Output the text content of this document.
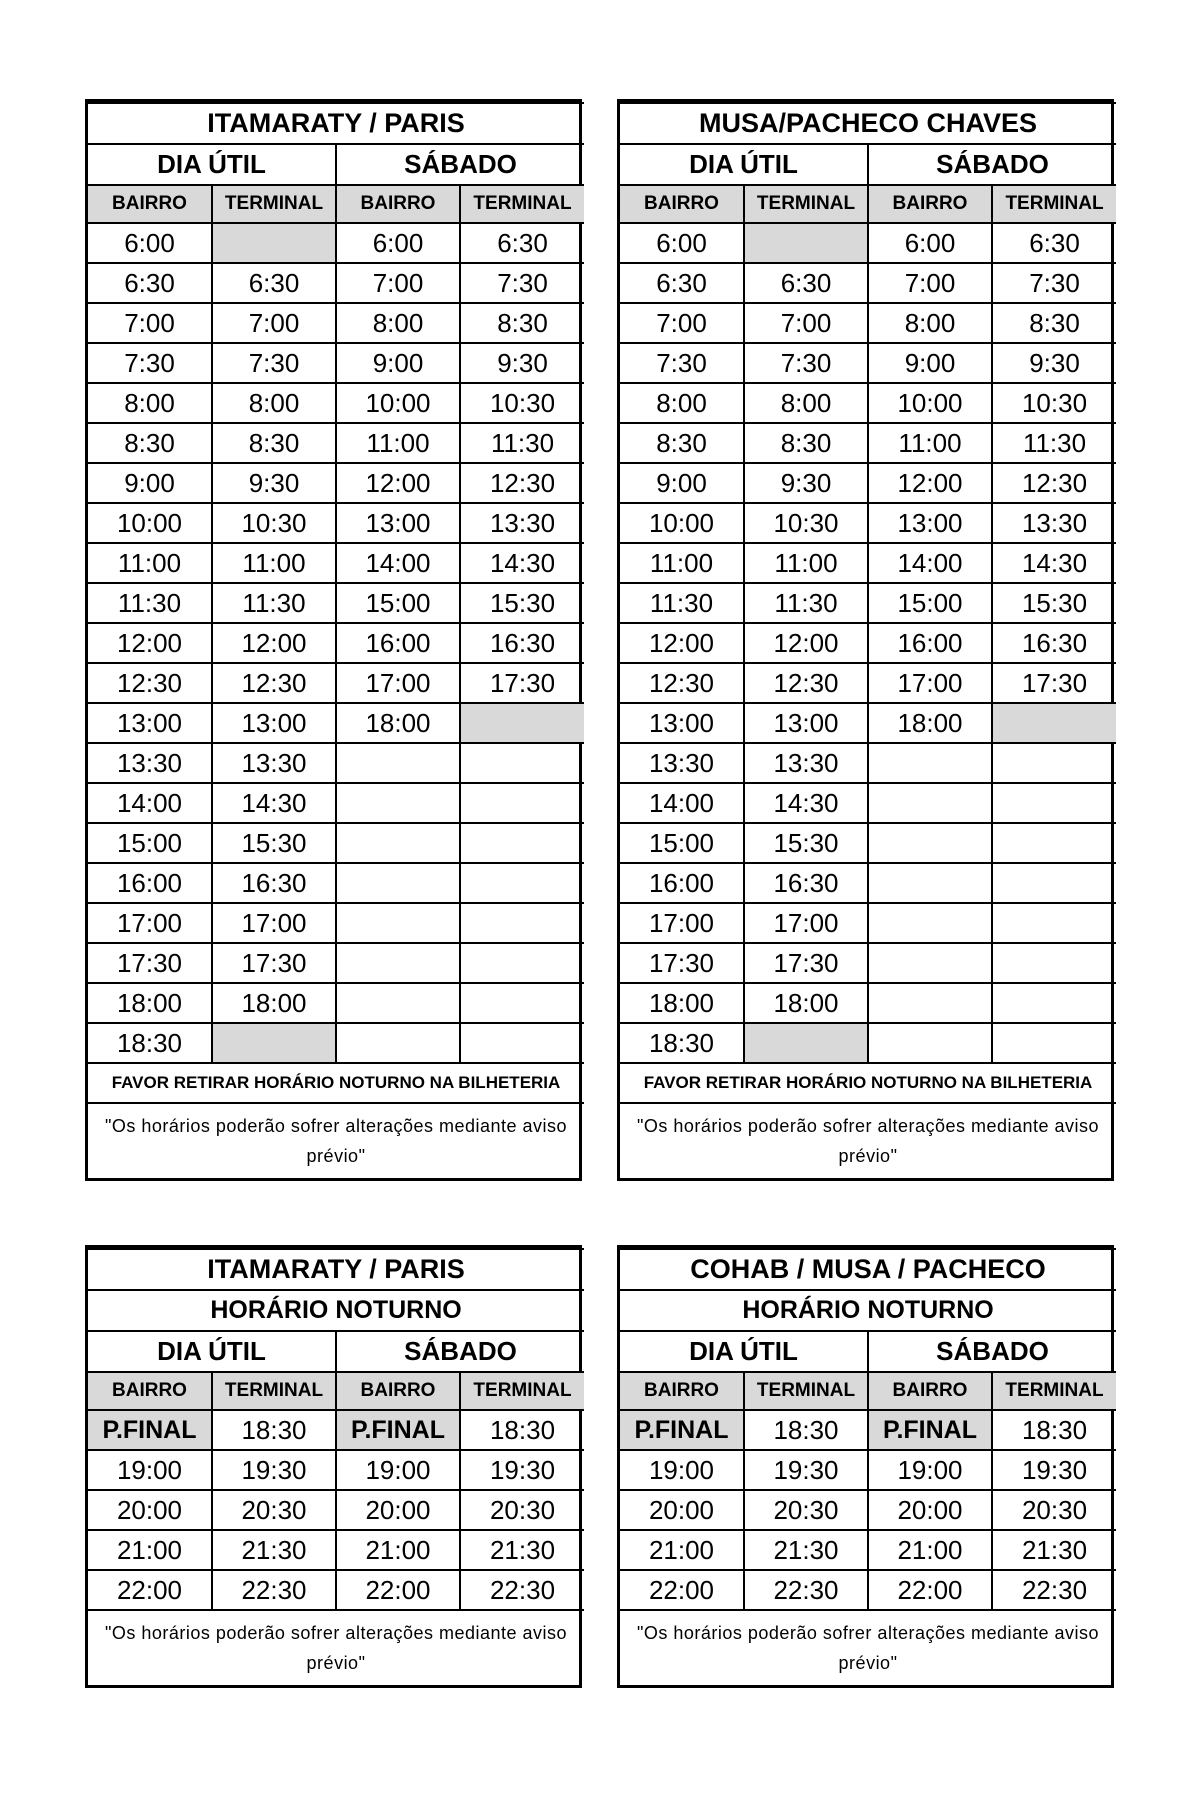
ITAMARATY / PARIS			
DIA ÚTIL		SÁBADO	
BAIRRO	TERMINAL	BAIRRO	TERMINAL
6:00		6:00	6:30
6:30	6:30	7:00	7:30
7:00	7:00	8:00	8:30
7:30	7:30	9:00	9:30
8:00	8:00	10:00	10:30
8:30	8:30	11:00	11:30
9:00	9:30	12:00	12:30
10:00	10:30	13:00	13:30
11:00	11:00	14:00	14:30
11:30	11:30	15:00	15:30
12:00	12:00	16:00	16:30
12:30	12:30	17:00	17:30
13:00	13:00	18:00	
13:30	13:30		
14:00	14:30		
15:00	15:30		
16:00	16:30		
17:00	17:00		
17:30	17:30		
18:00	18:00		
18:30			
FAVOR RETIRAR HORÁRIO NOTURNO NA BILHETERIA			
"Os horários poderão sofrer alterações mediante aviso prévio"			
MUSA/PACHECO CHAVES			
DIA ÚTIL		SÁBADO	
BAIRRO	TERMINAL	BAIRRO	TERMINAL
6:00		6:00	6:30
6:30	6:30	7:00	7:30
7:00	7:00	8:00	8:30
7:30	7:30	9:00	9:30
8:00	8:00	10:00	10:30
8:30	8:30	11:00	11:30
9:00	9:30	12:00	12:30
10:00	10:30	13:00	13:30
11:00	11:00	14:00	14:30
11:30	11:30	15:00	15:30
12:00	12:00	16:00	16:30
12:30	12:30	17:00	17:30
13:00	13:00	18:00	
13:30	13:30		
14:00	14:30		
15:00	15:30		
16:00	16:30		
17:00	17:00		
17:30	17:30		
18:00	18:00		
18:30			
FAVOR RETIRAR HORÁRIO NOTURNO NA BILHETERIA			
"Os horários poderão sofrer alterações mediante aviso prévio"			
ITAMARATY / PARIS			
HORÁRIO NOTURNO			
DIA ÚTIL		SÁBADO	
BAIRRO	TERMINAL	BAIRRO	TERMINAL
P.FINAL	18:30	P.FINAL	18:30
19:00	19:30	19:00	19:30
20:00	20:30	20:00	20:30
21:00	21:30	21:00	21:30
22:00	22:30	22:00	22:30
"Os horários poderão sofrer alterações mediante aviso prévio"			
COHAB / MUSA / PACHECO			
HORÁRIO NOTURNO			
DIA ÚTIL		SÁBADO	
BAIRRO	TERMINAL	BAIRRO	TERMINAL
P.FINAL	18:30	P.FINAL	18:30
19:00	19:30	19:00	19:30
20:00	20:30	20:00	20:30
21:00	21:30	21:00	21:30
22:00	22:30	22:00	22:30
"Os horários poderão sofrer alterações mediante aviso prévio"			
